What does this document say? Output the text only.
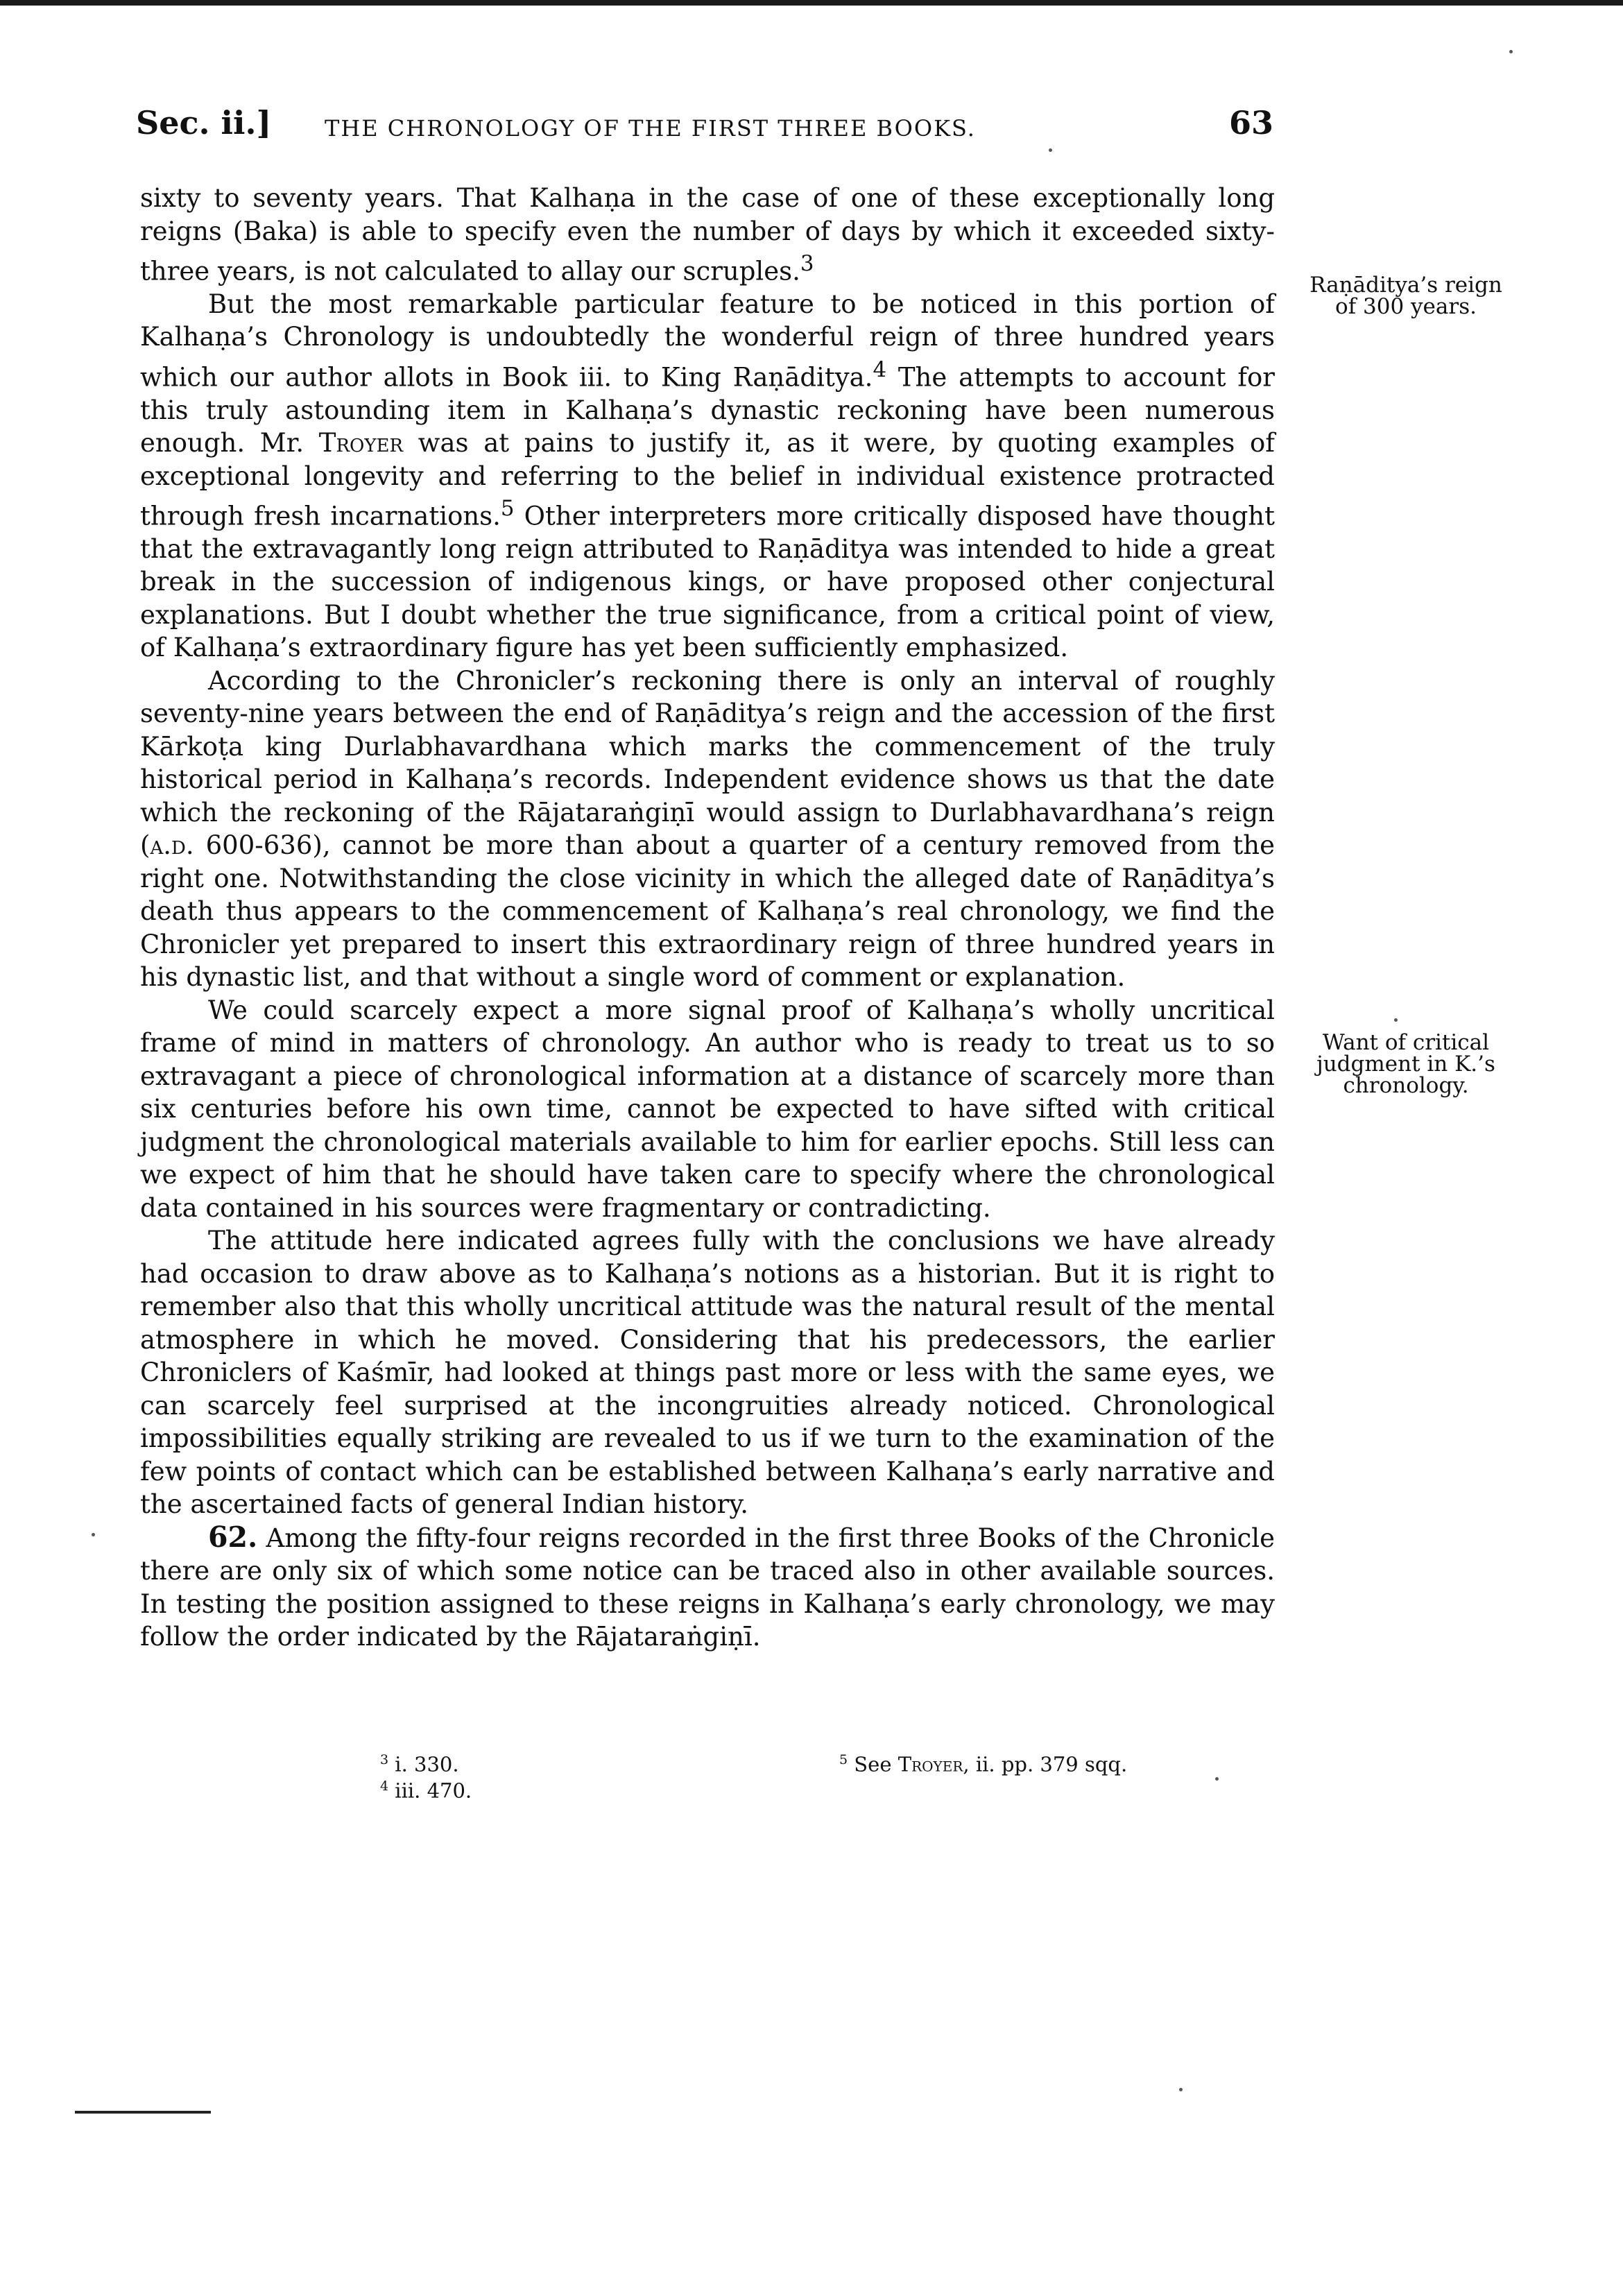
Sec. ii.] THE CHRONOLOGY OF THE FIRST THREE BOOKS.	63

sixty to seventy years. That Kalhaṇa in the case of one of these exceptionally long reigns (Baka) is able to specify even the number of days by which it exceeded sixty-three years, is not calculated to allay our scruples.$^3$

But the most remarkable particular feature to be noticed in this portion of Kalhaṇa’s Chronology is undoubtedly the wonderful reign of three hundred years which our author allots in Book iii. to King Raṇāditya.$^4$ The attempts to account for this truly astounding item in Kalhaṇa’s dynastic reckoning have been numerous enough. Mr. Troyer was at pains to justify it, as it were, by quoting examples of exceptional longevity and referring to the belief in individual existence protracted through fresh incarnations.$^5$ Other interpreters more critically disposed have thought that the extravagantly long reign attributed to Raṇāditya was intended to hide a great break in the succession of indigenous kings, or have proposed other conjectural explanations. But I doubt whether the true significance, from a critical point of view, of Kalhaṇa’s extraordinary figure has yet been sufficiently emphasized.

According to the Chronicler’s reckoning there is only an interval of roughly seventy-nine years between the end of Raṇāditya’s reign and the accession of the first Kārkoṭa king Durlabhavardhana which marks the commencement of the truly historical period in Kalhaṇa’s records. Independent evidence shows us that the date which the reckoning of the Rājataraṅgiṇī would assign to Durlabhavardhana’s reign (a.d. 600-636), cannot be more than about a quarter of a century removed from the right one. Notwithstanding the close vicinity in which the alleged date of Raṇāditya’s death thus appears to the commencement of Kalhaṇa’s real chronology, we find the Chronicler yet prepared to insert this extraordinary reign of three hundred years in his dynastic list, and that without a single word of comment or explanation.

We could scarcely expect a more signal proof of Kalhaṇa’s wholly uncritical frame of mind in matters of chronology. An author who is ready to treat us to so extravagant a piece of chronological information at a distance of scarcely more than six centuries before his own time, cannot be expected to have sifted with critical judgment the chronological materials available to him for earlier epochs. Still less can we expect of him that he should have taken care to specify where the chronological data contained in his sources were fragmentary or contradicting.

The attitude here indicated agrees fully with the conclusions we have already had occasion to draw above as to Kalhaṇa’s notions as a historian. But it is right to remember also that this wholly uncritical attitude was the natural result of the mental atmosphere in which he moved. Considering that his predecessors, the earlier Chroniclers of Kaśmīr, had looked at things past more or less with the same eyes, we can scarcely feel surprised at the incongruities already noticed. Chronological impossibilities equally striking are revealed to us if we turn to the examination of the few points of contact which can be established between Kalhaṇa’s early narrative and the ascertained facts of general Indian history.

62. Among the fifty-four reigns recorded in the first three Books of the Chronicle there are only six of which some notice can be traced also in other available sources. In testing the position assigned to these reigns in Kalhaṇa’s early chronology, we may follow the order indicated by the Rājataraṅgiṇī.

Raṇāditya’s reign
of 300 years.

Want of critical
judgment in K.’s
chronology.

$^3$ i. 330.

$^4$ iii. 470.

$^5$ See Troyer, ii. pp. 379 sqq.
